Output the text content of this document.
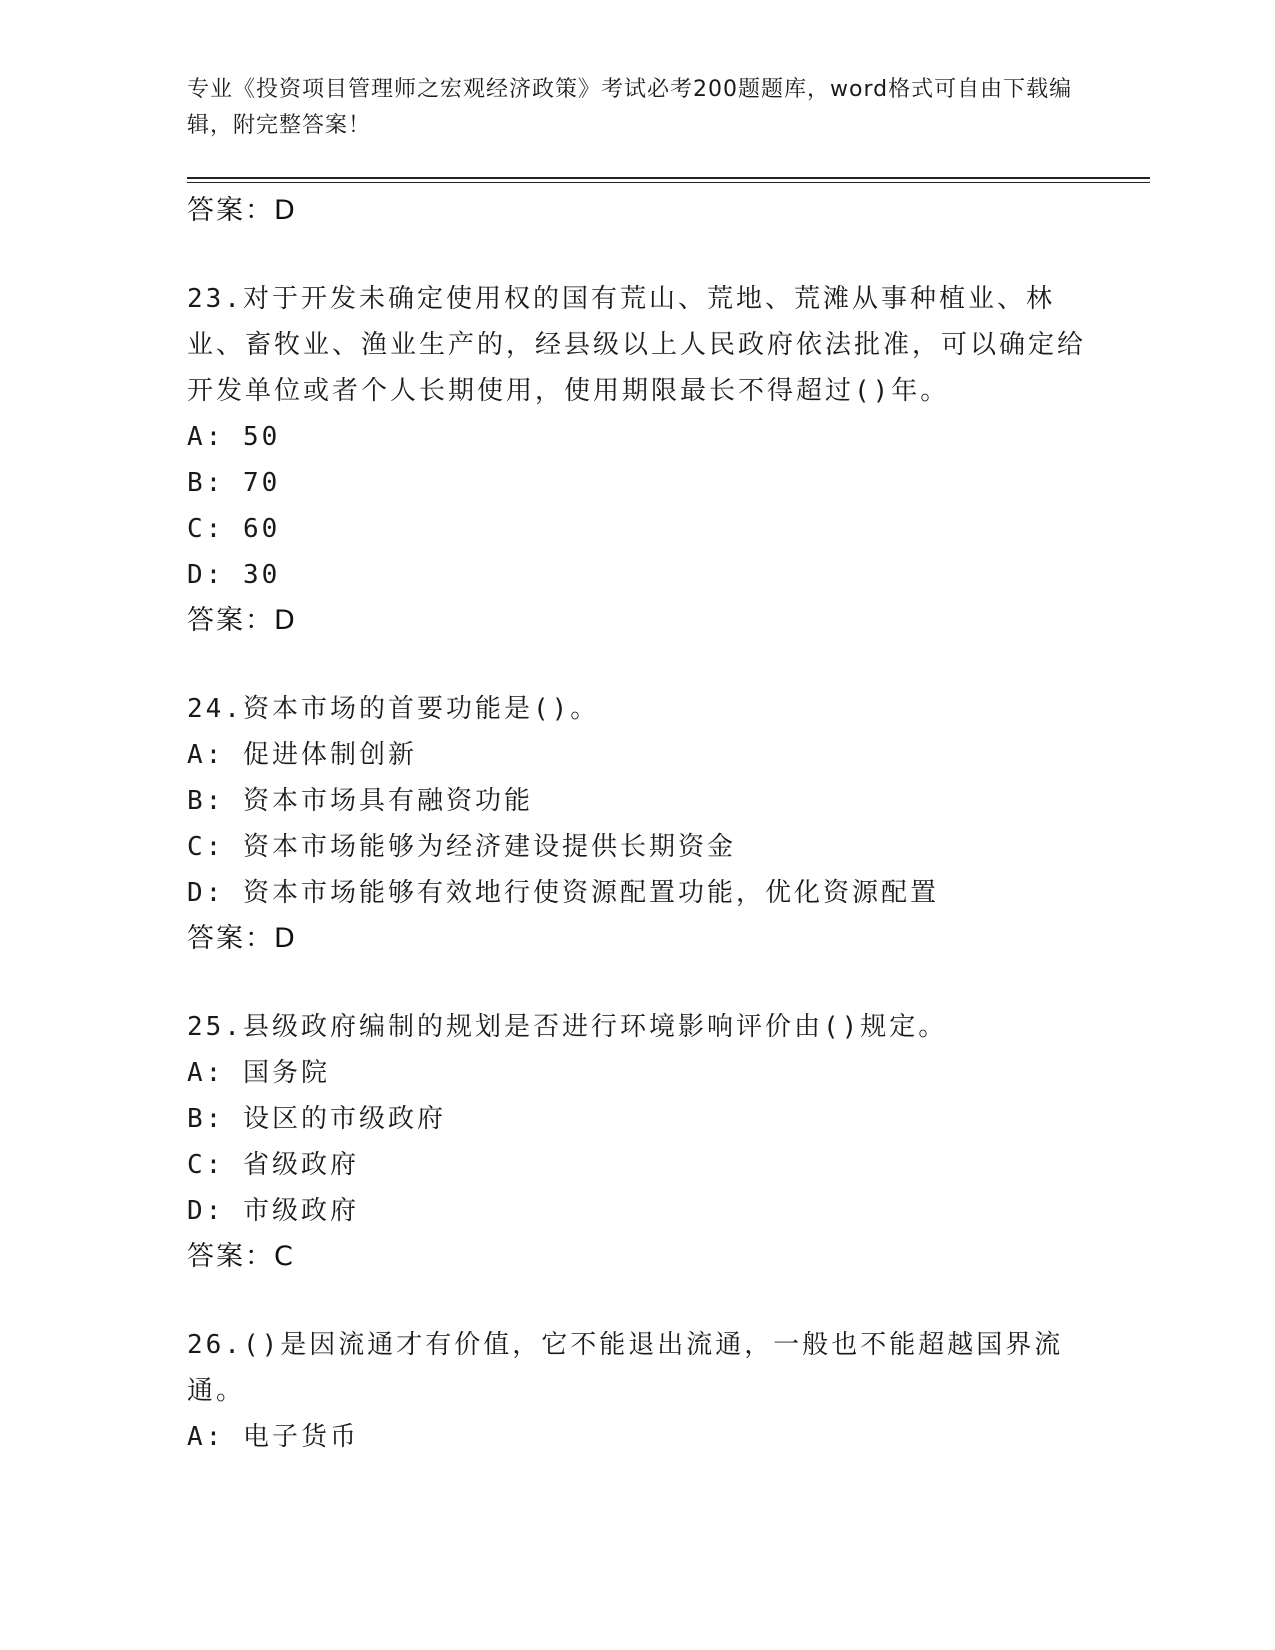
专业《投资项目管理师之宏观经济政策》考试必考200题题库，word格式可自由下载编辑，附完整答案！
答案：D
23.对于开发未确定使用权的国有荒山、荒地、荒滩从事种植业、林业、畜牧业、渔业生产的，经县级以上人民政府依法批准，可以确定给开发单位或者个人长期使用，使用期限最长不得超过()年。
A: 50
B: 70
C: 60
D: 30
答案：D
24.资本市场的首要功能是()。
A: 促进体制创新
B: 资本市场具有融资功能
C: 资本市场能够为经济建设提供长期资金
D: 资本市场能够有效地行使资源配置功能，优化资源配置
答案：D
25.县级政府编制的规划是否进行环境影响评价由()规定。
A: 国务院
B: 设区的市级政府
C: 省级政府
D: 市级政府
答案：C
26.()是因流通才有价值，它不能退出流通，一般也不能超越国界流通。
A: 电子货币
